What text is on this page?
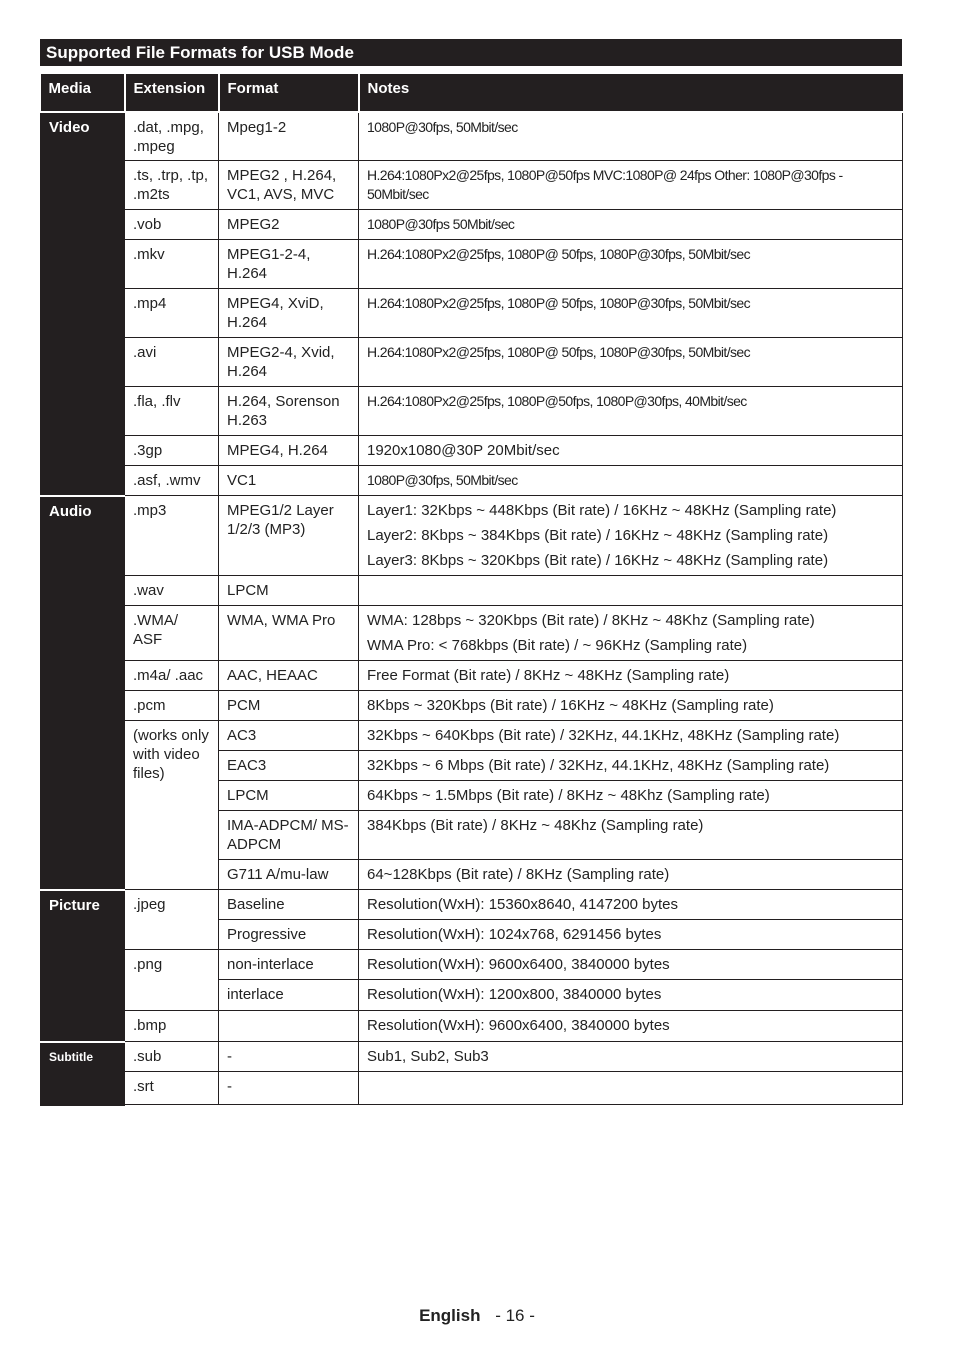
Supported File Formats for USB Mode
Media	Extension	Format	Notes
Video	.dat, .mpg, .mpeg	Mpeg1-2	1080P@30fps, 50Mbit/sec
	.ts, .trp, .tp, .m2ts	MPEG2 , H.264, VC1, AVS, MVC	H.264:1080Px2@25fps, 1080P@50fps MVC:1080P@ 24fps Other: 1080P@30fps - 50Mbit/sec
	.vob	MPEG2	1080P@30fps 50Mbit/sec
	.mkv	MPEG1-2-4, H.264	H.264:1080Px2@25fps, 1080P@ 50fps, 1080P@30fps, 50Mbit/sec
	.mp4	MPEG4, XviD, H.264	H.264:1080Px2@25fps, 1080P@ 50fps, 1080P@30fps, 50Mbit/sec
	.avi	MPEG2-4, Xvid, H.264	H.264:1080Px2@25fps, 1080P@ 50fps, 1080P@30fps, 50Mbit/sec
	.fla, .flv	H.264, Sorenson H.263	H.264:1080Px2@25fps, 1080P@50fps, 1080P@30fps, 40Mbit/sec
	.3gp	MPEG4, H.264	1920x1080@30P 20Mbit/sec
	.asf, .wmv	VC1	1080P@30fps, 50Mbit/sec
Audio	.mp3	MPEG1/2 Layer 1/2/3 (MP3)	Layer1: 32Kbps ~ 448Kbps (Bit rate) / 16KHz ~ 48KHz (Sampling rate)
Layer2: 8Kbps ~ 384Kbps (Bit rate) / 16KHz ~ 48KHz (Sampling rate)
Layer3: 8Kbps ~ 320Kbps (Bit rate) / 16KHz ~ 48KHz (Sampling rate)

	.wav	LPCM	
	.WMA/ ASF	WMA, WMA Pro	WMA: 128bps ~ 320Kbps (Bit rate) / 8KHz ~ 48Khz (Sampling rate)
WMA Pro: < 768kbps (Bit rate) / ~ 96KHz (Sampling rate)

	.m4a/ .aac	AAC, HEAAC	Free Format (Bit rate) / 8KHz ~ 48KHz (Sampling rate)
	.pcm	PCM	8Kbps ~ 320Kbps (Bit rate) / 16KHz ~ 48KHz (Sampling rate)
	(works only with video files)	AC3	32Kbps ~ 640Kbps (Bit rate) / 32KHz, 44.1KHz, 48KHz (Sampling rate)
		EAC3	32Kbps ~ 6 Mbps (Bit rate) / 32KHz, 44.1KHz, 48KHz (Sampling rate)
		LPCM	64Kbps ~ 1.5Mbps (Bit rate) / 8KHz ~ 48Khz (Sampling rate)
		IMA-ADPCM/ MS-ADPCM	384Kbps (Bit rate) / 8KHz ~ 48Khz (Sampling rate)
		G711 A/mu-law	64~128Kbps (Bit rate) / 8KHz (Sampling rate)
Picture	.jpeg	Baseline	Resolution(WxH): 15360x8640, 4147200 bytes
		Progressive	Resolution(WxH): 1024x768, 6291456 bytes
	.png	non-interlace	Resolution(WxH): 9600x6400, 3840000 bytes
		interlace	Resolution(WxH): 1200x800, 3840000 bytes
	.bmp		Resolution(WxH): 9600x6400, 3840000 bytes
Subtitle	.sub	-	Sub1, Sub2, Sub3
	.srt	-	
English - 16 -
